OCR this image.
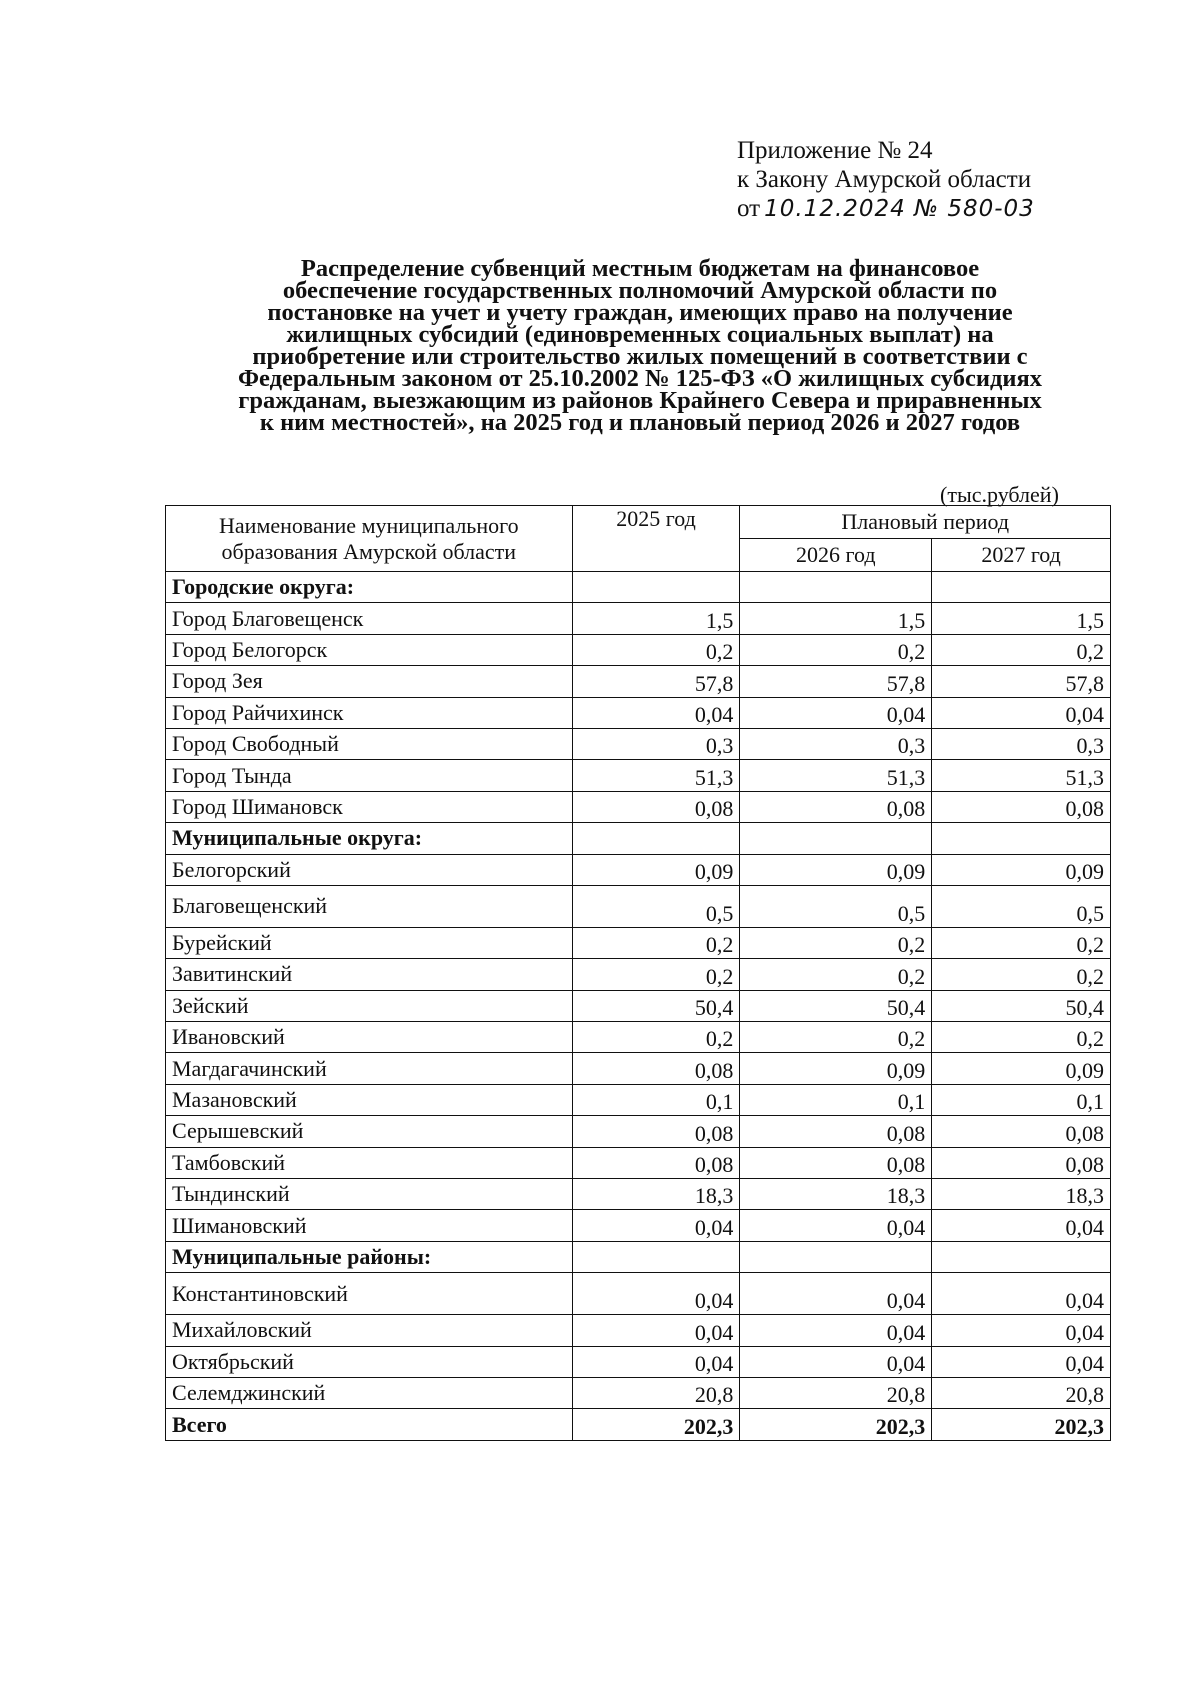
Приложение № 24
к Закону Амурской области
от 10.12.2024 № 580-03
Распределение субвенций местным бюджетам на финансовое
обеспечение государственных полномочий Амурской области по
постановке на учет и учету граждан, имеющих право на получение
жилищных субсидий (единовременных социальных выплат) на
приобретение или строительство жилых помещений в соответствии с
Федеральным законом от 25.10.2002 № 125-ФЗ «О жилищных субсидиях
гражданам, выезжающим из районов Крайнего Севера и приравненных
к ним местностей», на 2025 год и плановый период 2026 и 2027 годов
(тыс.рублей)
Наименование муниципального образования Амурской области	2025 год	Плановый период	
		2026 год	2027 год
Городские округа:			
Город Благовещенск	1,5	1,5	1,5
Город Белогорск	0,2	0,2	0,2
Город Зея	57,8	57,8	57,8
Город Райчихинск	0,04	0,04	0,04
Город Свободный	0,3	0,3	0,3
Город Тында	51,3	51,3	51,3
Город Шимановск	0,08	0,08	0,08
Муниципальные округа:			
Белогорский	0,09	0,09	0,09
Благовещенский	0,5	0,5	0,5
Бурейский	0,2	0,2	0,2
Завитинский	0,2	0,2	0,2
Зейский	50,4	50,4	50,4
Ивановский	0,2	0,2	0,2
Магдагачинский	0,08	0,09	0,09
Мазановский	0,1	0,1	0,1
Серышевский	0,08	0,08	0,08
Тамбовский	0,08	0,08	0,08
Тындинский	18,3	18,3	18,3
Шимановский	0,04	0,04	0,04
Муниципальные районы:			
Константиновский	0,04	0,04	0,04
Михайловский	0,04	0,04	0,04
Октябрьский	0,04	0,04	0,04
Селемджинский	20,8	20,8	20,8
Всего	202,3	202,3	202,3
